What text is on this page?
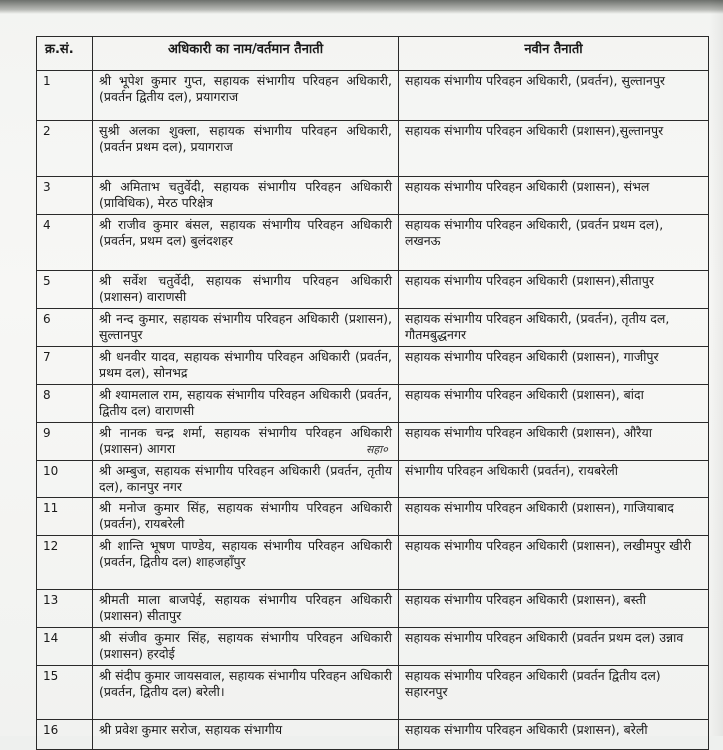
क्र.सं.	अधिकारी का नाम/वर्तमान तैनाती	नवीन तैनाती
1	श्री भूपेश कुमार गुप्त, सहायक संभागीय परिवहन अधिकारी, (प्रवर्तन द्वितीय दल), प्रयागराज	सहायक संभागीय परिवहन अधिकारी, (प्रवर्तन), सुल्तानपुर
2	सुश्री अलका शुक्ला, सहायक संभागीय परिवहन अधिकारी, (प्रवर्तन प्रथम दल), प्रयागराज	सहायक संभागीय परिवहन अधिकारी (प्रशासन),सुल्तानपुर
3	श्री अमिताभ चतुर्वेदी, सहायक संभागीय परिवहन अधिकारी (प्राविधिक), मेरठ परिक्षेत्र	सहायक संभागीय परिवहन अधिकारी (प्रशासन), संभल
4	श्री राजीव कुमार बंसल, सहायक संभागीय परिवहन अधिकारी (प्रवर्तन, प्रथम दल) बुलंदशहर	सहायक संभागीय परिवहन अधिकारी, (प्रवर्तन प्रथम दल), लखनऊ
5	श्री सर्वेश चतुर्वेदी, सहायक संभागीय परिवहन अधिकारी (प्रशासन) वाराणसी	सहायक संभागीय परिवहन अधिकारी (प्रशासन),सीतापुर
6	श्री नन्द कुमार, सहायक संभागीय परिवहन अधिकारी (प्रशासन), सुल्तानपुर	सहायक संभागीय परिवहन अधिकारी, (प्रवर्तन), तृतीय दल, गौतमबुद्धनगर
7	श्री धनवीर यादव, सहायक संभागीय परिवहन अधिकारी (प्रवर्तन, प्रथम दल), सोनभद्र	सहायक संभागीय परिवहन अधिकारी (प्रशासन), गाजीपुर
8	श्री श्यामलाल राम, सहायक संभागीय परिवहन अधिकारी (प्रवर्तन, द्वितीय दल) वाराणसी	सहायक संभागीय परिवहन अधिकारी (प्रशासन), बांदा
9	श्री नानक चन्द्र शर्मा, सहायक संभागीय परिवहन अधिकारी (प्रशासन) आगरा	सहायक संभागीय परिवहन अधिकारी (प्रशासन), औरैया
10	श्री अम्बुज, सहायक संभागीय परिवहन अधिकारी (प्रवर्तन, तृतीय दल), कानपुर नगर	संभागीय परिवहन अधिकारी (प्रवर्तन), रायबरेली
11	श्री मनोज कुमार सिंह, सहायक संभागीय परिवहन अधिकारी (प्रवर्तन), रायबरेली	सहायक संभागीय परिवहन अधिकारी (प्रशासन), गाजियाबाद
12	श्री शान्ति भूषण पाण्डेय, सहायक संभागीय परिवहन अधिकारी (प्रवर्तन, द्वितीय दल) शाहजहाँपुर	सहायक संभागीय परिवहन अधिकारी (प्रशासन), लखीमपुर खीरी
13	श्रीमती माला बाजपेई, सहायक संभागीय परिवहन अधिकारी (प्रशासन) सीतापुर	सहायक संभागीय परिवहन अधिकारी (प्रशासन), बस्ती
14	श्री संजीव कुमार सिंह, सहायक संभागीय परिवहन अधिकारी (प्रशासन) हरदोई	सहायक संभागीय परिवहन अधिकारी (प्रवर्तन प्रथम दल) उन्नाव
15	श्री संदीप कुमार जायसवाल, सहायक संभागीय परिवहन अधिकारी (प्रवर्तन, द्वितीय दल) बरेली।	सहायक संभागीय परिवहन अधिकारी (प्रवर्तन द्वितीय दल) सहारनपुर
16	श्री प्रवेश कुमार सरोज, सहायक संभागीय	सहायक संभागीय परिवहन अधिकारी (प्रशासन), बरेली
सहा०
